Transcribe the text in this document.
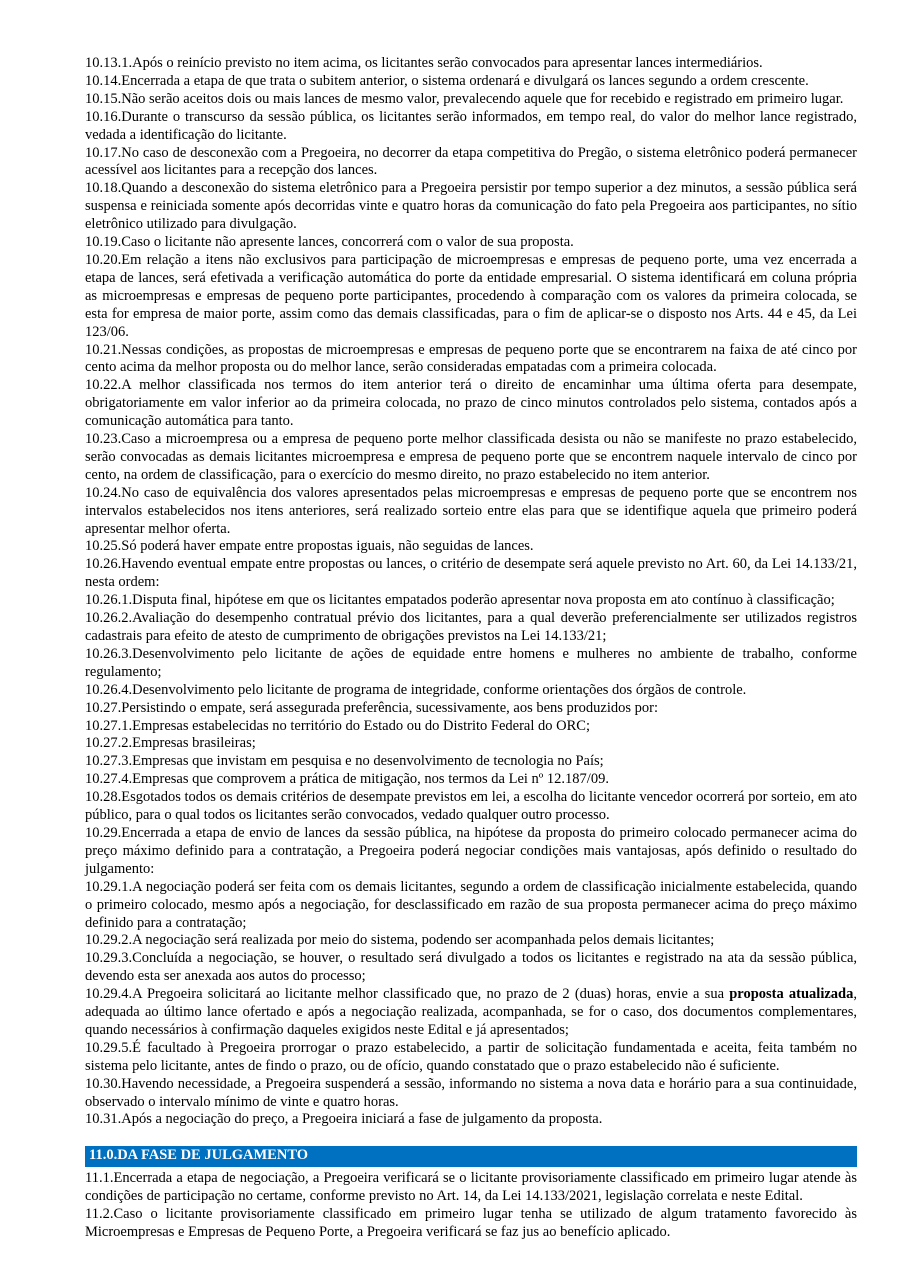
10.13.1.Após o reinício previsto no item acima, os licitantes serão convocados para apresentar lances intermediários.

10.14.Encerrada a etapa de que trata o subitem anterior, o sistema ordenará e divulgará os lances segundo a ordem crescente.

10.15.Não serão aceitos dois ou mais lances de mesmo valor, prevalecendo aquele que for recebido e registrado em primeiro lugar.

10.16.Durante o transcurso da sessão pública, os licitantes serão informados, em tempo real, do valor do melhor lance registrado, vedada a identificação do licitante.

10.17.No caso de desconexão com a Pregoeira, no decorrer da etapa competitiva do Pregão, o sistema eletrônico poderá permanecer acessível aos licitantes para a recepção dos lances.

10.18.Quando a desconexão do sistema eletrônico para a Pregoeira persistir por tempo superior a dez minutos, a sessão pública será suspensa e reiniciada somente após decorridas vinte e quatro horas da comunicação do fato pela Pregoeira aos participantes, no sítio eletrônico utilizado para divulgação.

10.19.Caso o licitante não apresente lances, concorrerá com o valor de sua proposta.

10.20.Em relação a itens não exclusivos para participação de microempresas e empresas de pequeno porte, uma vez encerrada a etapa de lances, será efetivada a verificação automática do porte da entidade empresarial. O sistema identificará em coluna própria as microempresas e empresas de pequeno porte participantes, procedendo à comparação com os valores da primeira colocada, se esta for empresa de maior porte, assim como das demais classificadas, para o fim de aplicar-se o disposto nos Arts. 44 e 45, da Lei 123/06.

10.21.Nessas condições, as propostas de microempresas e empresas de pequeno porte que se encontrarem na faixa de até cinco por cento acima da melhor proposta ou do melhor lance, serão consideradas empatadas com a primeira colocada.

10.22.A melhor classificada nos termos do item anterior terá o direito de encaminhar uma última oferta para desempate, obrigatoriamente em valor inferior ao da primeira colocada, no prazo de cinco minutos controlados pelo sistema, contados após a comunicação automática para tanto.

10.23.Caso a microempresa ou a empresa de pequeno porte melhor classificada desista ou não se manifeste no prazo estabelecido, serão convocadas as demais licitantes microempresa e empresa de pequeno porte que se encontrem naquele intervalo de cinco por cento, na ordem de classificação, para o exercício do mesmo direito, no prazo estabelecido no item anterior.

10.24.No caso de equivalência dos valores apresentados pelas microempresas e empresas de pequeno porte que se encontrem nos intervalos estabelecidos nos itens anteriores, será realizado sorteio entre elas para que se identifique aquela que primeiro poderá apresentar melhor oferta.

10.25.Só poderá haver empate entre propostas iguais, não seguidas de lances.

10.26.Havendo eventual empate entre propostas ou lances, o critério de desempate será aquele previsto no Art. 60, da Lei 14.133/21, nesta ordem:

10.26.1.Disputa final, hipótese em que os licitantes empatados poderão apresentar nova proposta em ato contínuo à classificação;

10.26.2.Avaliação do desempenho contratual prévio dos licitantes, para a qual deverão preferencialmente ser utilizados registros cadastrais para efeito de atesto de cumprimento de obrigações previstos na Lei 14.133/21;

10.26.3.Desenvolvimento pelo licitante de ações de equidade entre homens e mulheres no ambiente de trabalho, conforme regulamento;

10.26.4.Desenvolvimento pelo licitante de programa de integridade, conforme orientações dos órgãos de controle.

10.27.Persistindo o empate, será assegurada preferência, sucessivamente, aos bens produzidos por:

10.27.1.Empresas estabelecidas no território do Estado ou do Distrito Federal do ORC;

10.27.2.Empresas brasileiras;

10.27.3.Empresas que invistam em pesquisa e no desenvolvimento de tecnologia no País;

10.27.4.Empresas que comprovem a prática de mitigação, nos termos da Lei nº 12.187/09.

10.28.Esgotados todos os demais critérios de desempate previstos em lei, a escolha do licitante vencedor ocorrerá por sorteio, em ato público, para o qual todos os licitantes serão convocados, vedado qualquer outro processo.

10.29.Encerrada a etapa de envio de lances da sessão pública, na hipótese da proposta do primeiro colocado permanecer acima do preço máximo definido para a contratação, a Pregoeira poderá negociar condições mais vantajosas, após definido o resultado do julgamento:

10.29.1.A negociação poderá ser feita com os demais licitantes, segundo a ordem de classificação inicialmente estabelecida, quando o primeiro colocado, mesmo após a negociação, for desclassificado em razão de sua proposta permanecer acima do preço máximo definido para a contratação;

10.29.2.A negociação será realizada por meio do sistema, podendo ser acompanhada pelos demais licitantes;

10.29.3.Concluída a negociação, se houver, o resultado será divulgado a todos os licitantes e registrado na ata da sessão pública, devendo esta ser anexada aos autos do processo;

10.29.4.A Pregoeira solicitará ao licitante melhor classificado que, no prazo de 2 (duas) horas, envie a sua proposta atualizada, adequada ao último lance ofertado e após a negociação realizada, acompanhada, se for o caso, dos documentos complementares, quando necessários à confirmação daqueles exigidos neste Edital e já apresentados;

10.29.5.É facultado à Pregoeira prorrogar o prazo estabelecido, a partir de solicitação fundamentada e aceita, feita também no sistema pelo licitante, antes de findo o prazo, ou de ofício, quando constatado que o prazo estabelecido não é suficiente.

10.30.Havendo necessidade, a Pregoeira suspenderá a sessão, informando no sistema a nova data e horário para a sua continuidade, observado o intervalo mínimo de vinte e quatro horas.

10.31.Após a negociação do preço, a Pregoeira iniciará a fase de julgamento da proposta.

11.0.DA FASE DE JULGAMENTO

11.1.Encerrada a etapa de negociação, a Pregoeira verificará se o licitante provisoriamente classificado em primeiro lugar atende às condições de participação no certame, conforme previsto no Art. 14, da Lei 14.133/2021, legislação correlata e neste Edital.

11.2.Caso o licitante provisoriamente classificado em primeiro lugar tenha se utilizado de algum tratamento favorecido às Microempresas e Empresas de Pequeno Porte, a Pregoeira verificará se faz jus ao benefício aplicado.
